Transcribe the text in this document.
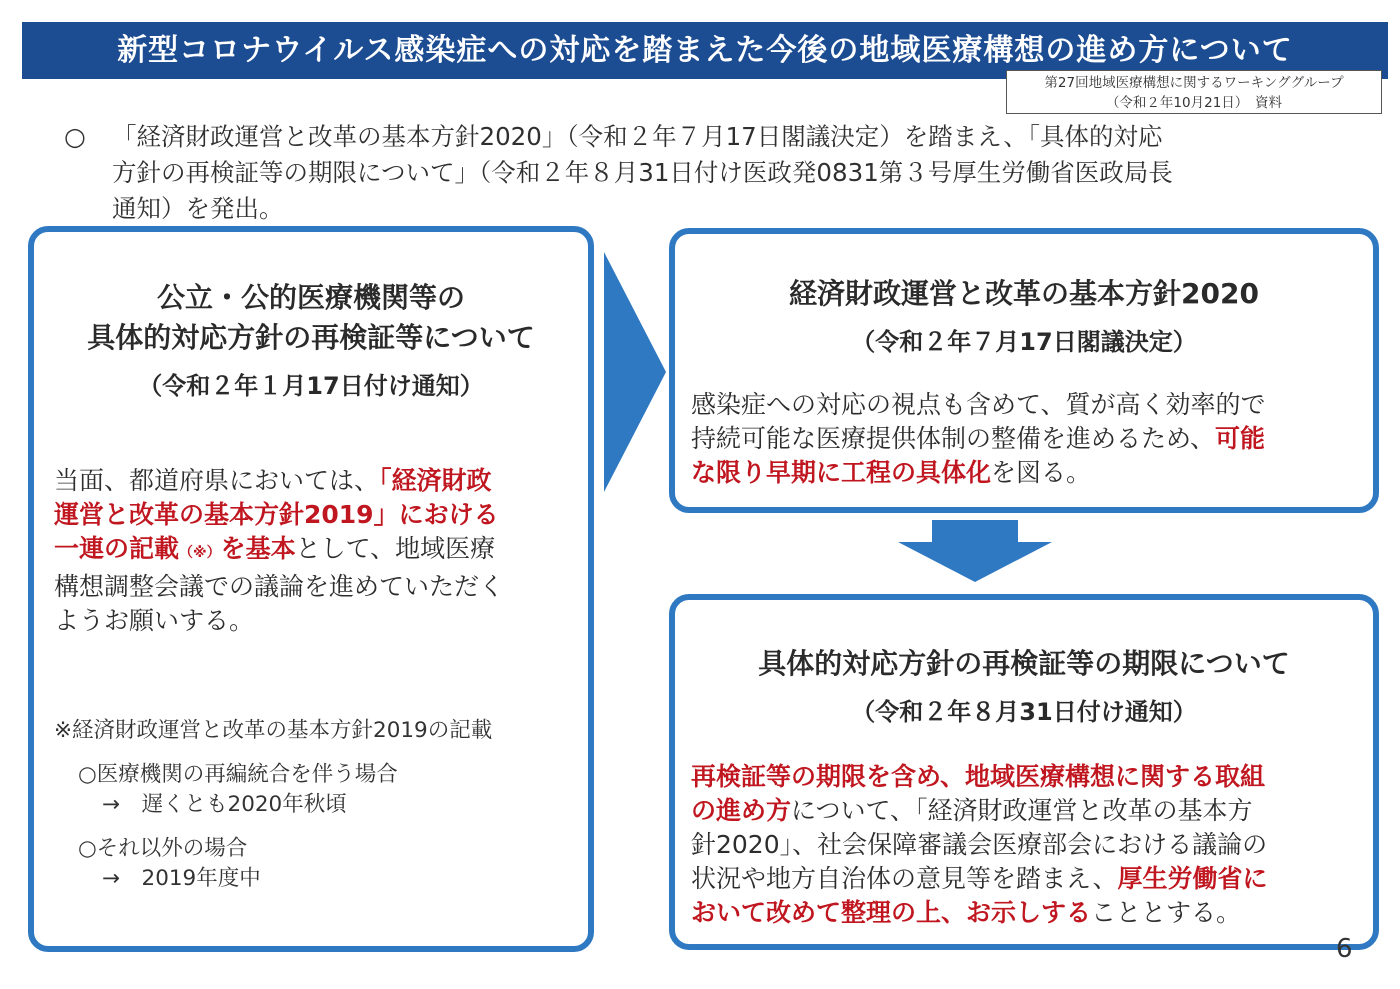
新型コロナウイルス感染症への対応を踏まえた今後の地域医療構想の進め方について
第27回地域医療構想に関するワーキンググループ
（令和２年10月21日）　資料
○ 「経済財政運営と改革の基本方針2020」（令和２年７月17日閣議決定）を踏まえ、「具体的対応
方針の再検証等の期限について」（令和２年８月31日付け医政発0831第３号厚生労働省医政局長
通知）を発出。
公立・公的医療機関等の
具体的対応方針の再検証等について
（令和２年１月17日付け通知）
当面、都道府県においては、「経済財政
運営と改革の基本方針2019」における
一連の記載（※）を基本として、地域医療
構想調整会議での議論を進めていただく
ようお願いする。
※経済財政運営と改革の基本方針2019の記載
○医療機関の再編統合を伴う場合
→　遅くとも2020年秋頃
○それ以外の場合
→　2019年度中
経済財政運営と改革の基本方針2020
（令和２年７月17日閣議決定）
感染症への対応の視点も含めて、質が高く効率的で
持続可能な医療提供体制の整備を進めるため、可能
な限り早期に工程の具体化を図る。
具体的対応方針の再検証等の期限について
（令和２年８月31日付け通知）
再検証等の期限を含め、地域医療構想に関する取組
の進め方について、「経済財政運営と改革の基本方
針2020」、社会保障審議会医療部会における議論の
状況や地方自治体の意見等を踏まえ、厚生労働省に
おいて改めて整理の上、お示しすることとする。
6
